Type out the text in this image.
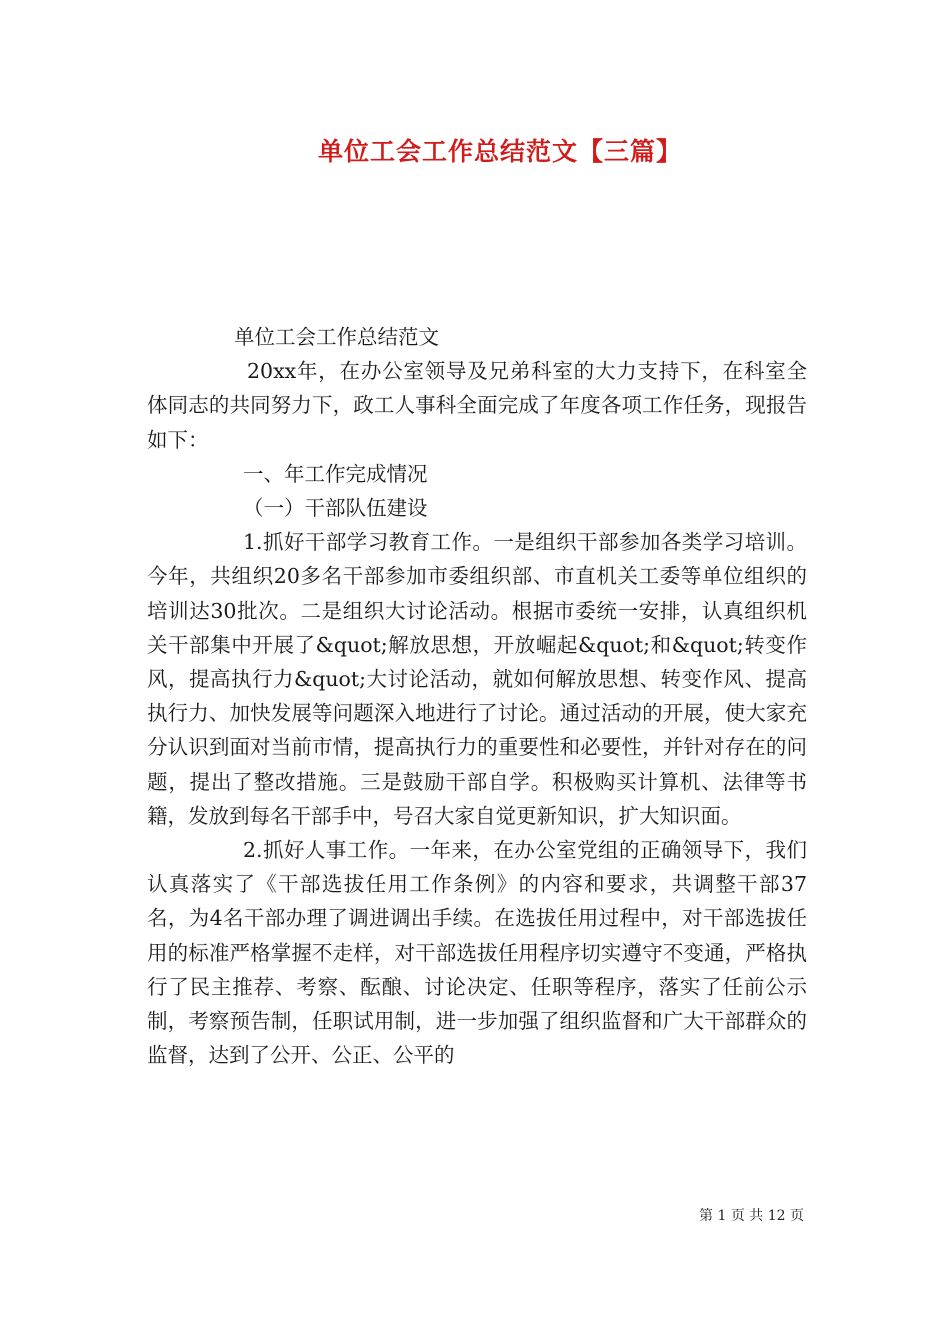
单位工会工作总结范文【三篇】

单位工会工作总结范文

20xx年，在办公室领导及兄弟科室的大力支持下，在科室全体同志的共同努力下，政工人事科全面完成了年度各项工作任务，现报告如下：

一、年工作完成情况

（一）干部队伍建设

1.抓好干部学习教育工作。一是组织干部参加各类学习培训。今年，共组织20多名干部参加市委组织部、市直机关工委等单位组织的培训达30批次。二是组织大讨论活动。根据市委统一安排，认真组织机关干部集中开展了&quot;解放思想，开放崛起&quot;和&quot;转变作风，提高执行力&quot;大讨论活动，就如何解放思想、转变作风、提高执行力、加快发展等问题深入地进行了讨论。通过活动的开展，使大家充分认识到面对当前市情，提高执行力的重要性和必要性，并针对存在的问题，提出了整改措施。三是鼓励干部自学。积极购买计算机、法律等书籍，发放到每名干部手中，号召大家自觉更新知识，扩大知识面。

2.抓好人事工作。一年来，在办公室党组的正确领导下，我们认真落实了《干部选拔任用工作条例》的内容和要求，共调整干部37名，为4名干部办理了调进调出手续。在选拔任用过程中，对干部选拔任用的标准严格掌握不走样，对干部选拔任用程序切实遵守不变通，严格执行了民主推荐、考察、酝酿、讨论决定、任职等程序，落实了任前公示制，考察预告制，任职试用制，进一步加强了组织监督和广大干部群众的监督，达到了公开、公正、公平的

第 1 页 共 12 页
